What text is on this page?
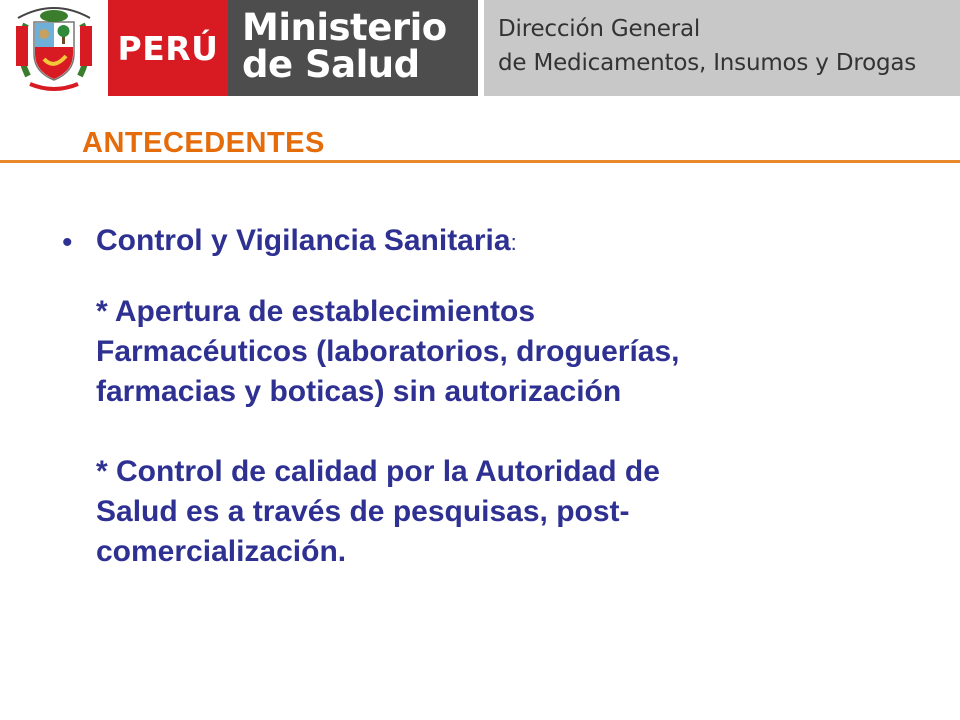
PERÚ Ministerio
de Salud
Dirección General
de Medicamentos, Insumos y Drogas
ANTECEDENTES
• Control y Vigilancia Sanitaria:
* Apertura de establecimientos
Farmacéuticos (laboratorios, droguerías,
farmacias y boticas) sin autorización
* Control de calidad por la Autoridad de
Salud es a través de pesquisas, post-
comercialización.
